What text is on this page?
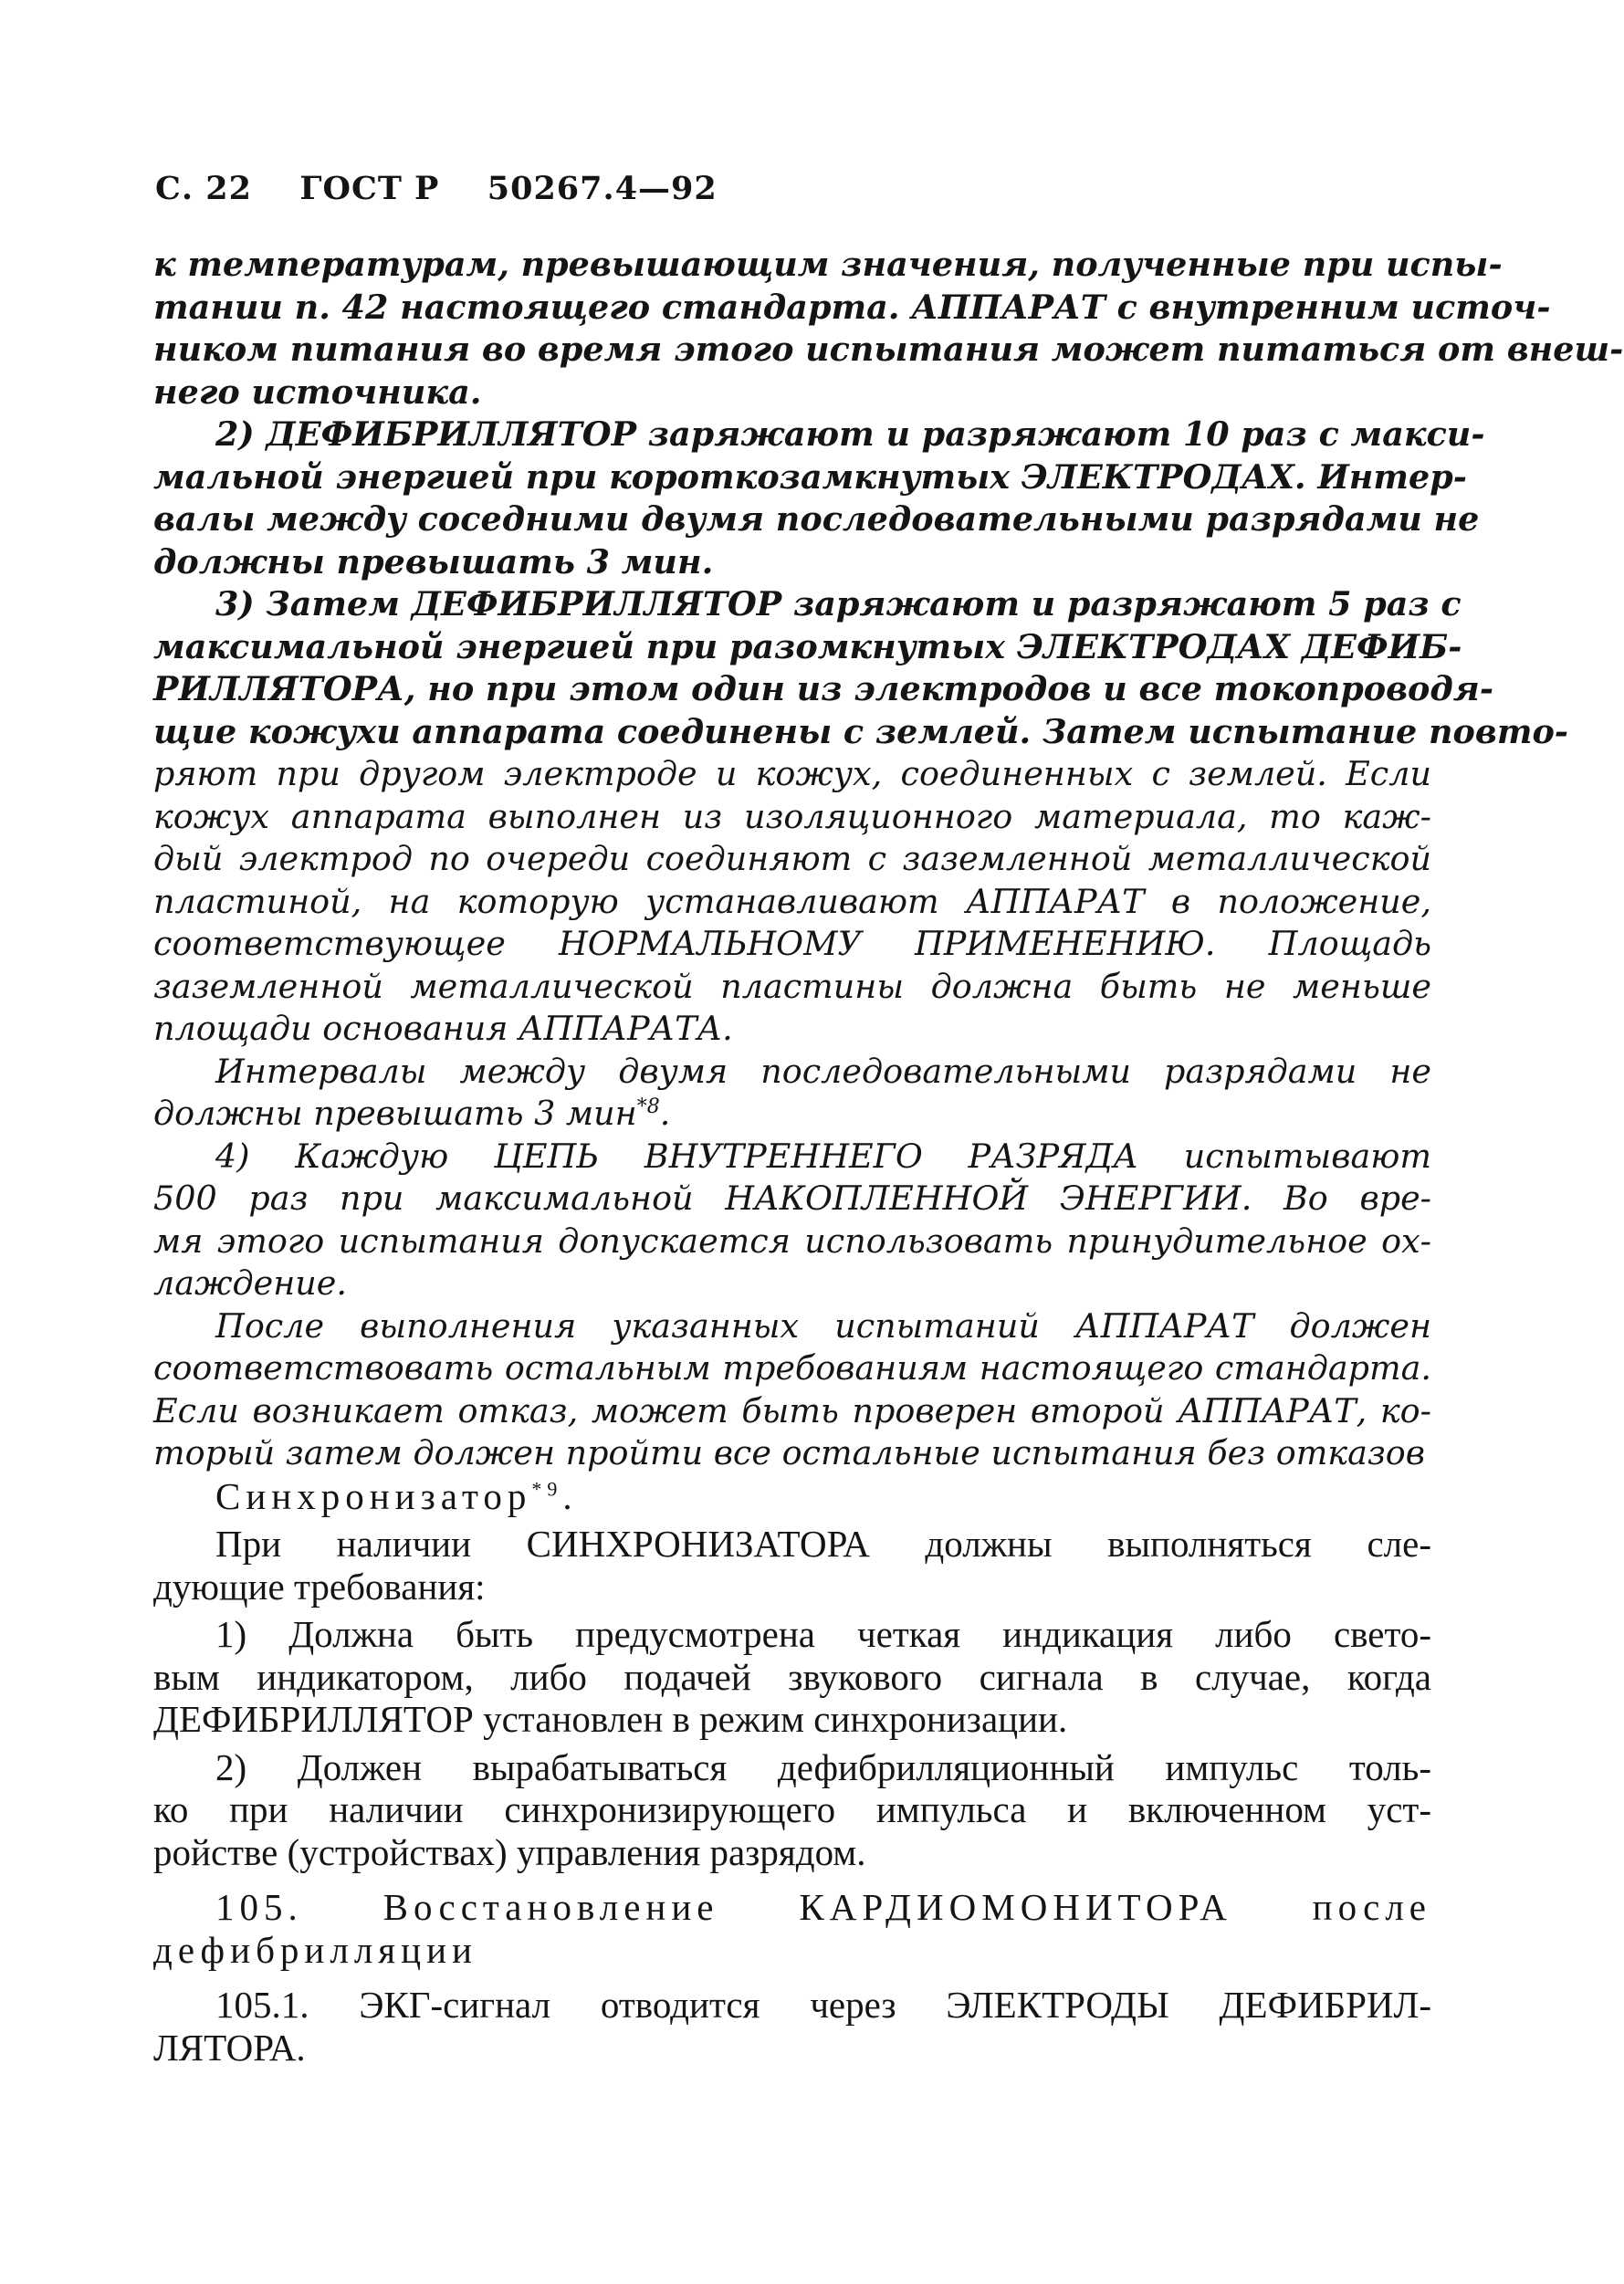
С. 22 ГОСТ Р 50267.4—92
к температурам, превышающим значения, полученные при испы-
тании п. 42 настоящего стандарта. АППАРАТ с внутренним источ-
ником питания во время этого испытания может питаться от внеш-
него источника.
2) ДЕФИБРИЛЛЯТОР заряжают и разряжают 10 раз с макси-
мальной энергией при короткозамкнутых ЭЛЕКТРОДАХ. Интер-
валы между соседними двумя последовательными разрядами не
должны превышать 3 мин.
3) Затем ДЕФИБРИЛЛЯТОР заряжают и разряжают 5 раз с
максимальной энергией при разомкнутых ЭЛЕКТРОДАХ ДЕФИБ-
РИЛЛЯТОРА, но при этом один из электродов и все токопроводя-
щие кожухи аппарата соединены с землей. Затем испытание повто-
ряют при другом электроде и кожух, соединенных с землей. Если
кожух аппарата выполнен из изоляционного материала, то каж-
дый электрод по очереди соединяют с заземленной металлической
пластиной, на которую устанавливают АППАРАТ в положение,
соответствующее НОРМАЛЬНОМУ ПРИМЕНЕНИЮ. Площадь
заземленной металлической пластины должна быть не меньше
площади основания АППАРАТА.
Интервалы между двумя последовательными разрядами не
должны превышать 3 мин$^{*8}$.
4) Каждую ЦЕПЬ ВНУТРЕННЕГО РАЗРЯДА испытывают
500 раз при максимальной НАКОПЛЕННОЙ ЭНЕРГИИ. Во вре-
мя этого испытания допускается использовать принудительное ох-
лаждение.
После выполнения указанных испытаний АППАРАТ должен
соответствовать остальным требованиям настоящего стандарта.
Если возникает отказ, может быть проверен второй АППАРАТ, ко-
торый затем должен пройти все остальные испытания без отказов
Синхронизатор$^{*9}$.
При наличии СИНХРОНИЗАТОРА должны выполняться сле-
дующие требования:
1) Должна быть предусмотрена четкая индикация либо свето-
вым индикатором, либо подачей звукового сигнала в случае, когда
ДЕФИБРИЛЛЯТОР установлен в режим синхронизации.
2) Должен вырабатываться дефибрилляционный импульс толь-
ко при наличии синхронизирующего импульса и включенном уст-
ройстве (устройствах) управления разрядом.
105. Восстановление КАРДИОМОНИТОРА после
дефибрилляции
105.1. ЭКГ-сигнал отводится через ЭЛЕКТРОДЫ ДЕФИБРИЛ-
ЛЯТОРА.
